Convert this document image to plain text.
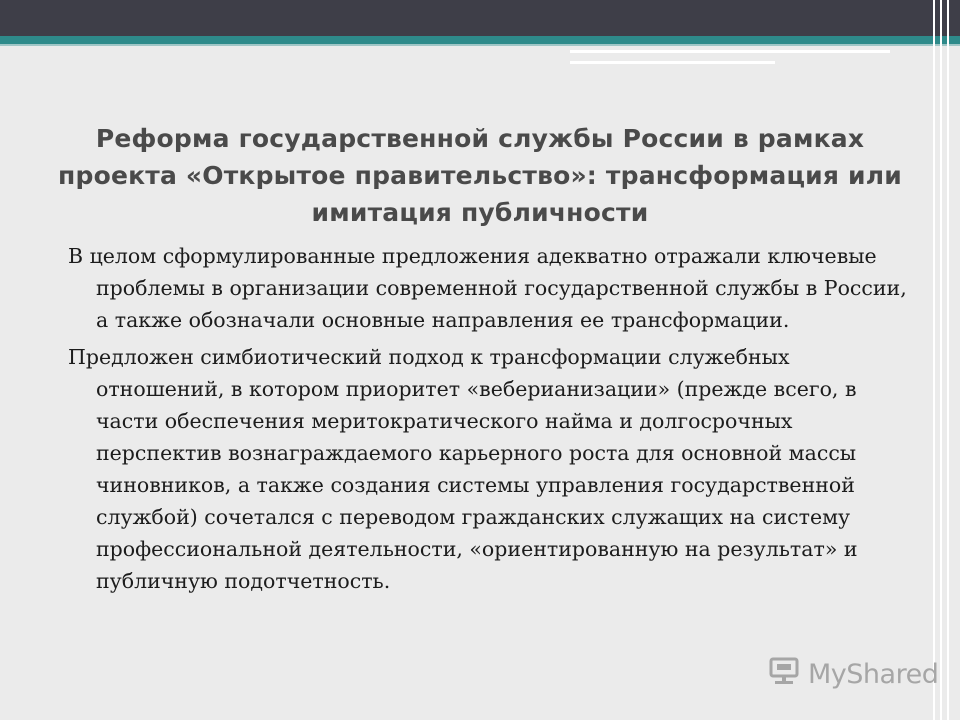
Реформа государственной службы России в рамках проекта «Открытое правительство»: трансформация или имитация публичности

В целом сформулированные предложения адекватно отражали ключевые проблемы в организации современной государственной службы в России, а также обозначали основные направления ее трансформации.

Предложен симбиотический подход к трансформации служебных отношений, в котором приоритет «веберианизации» (прежде всего, в части обеспечения меритократического найма и долгосрочных перспектив вознаграждаемого карьерного роста для основной массы чиновников, а также создания системы управления государственной службой) сочетался с переводом гражданских служащих на систему профессиональной деятельности, «ориентированную на результат» и публичную подотчетность.

MyShared
